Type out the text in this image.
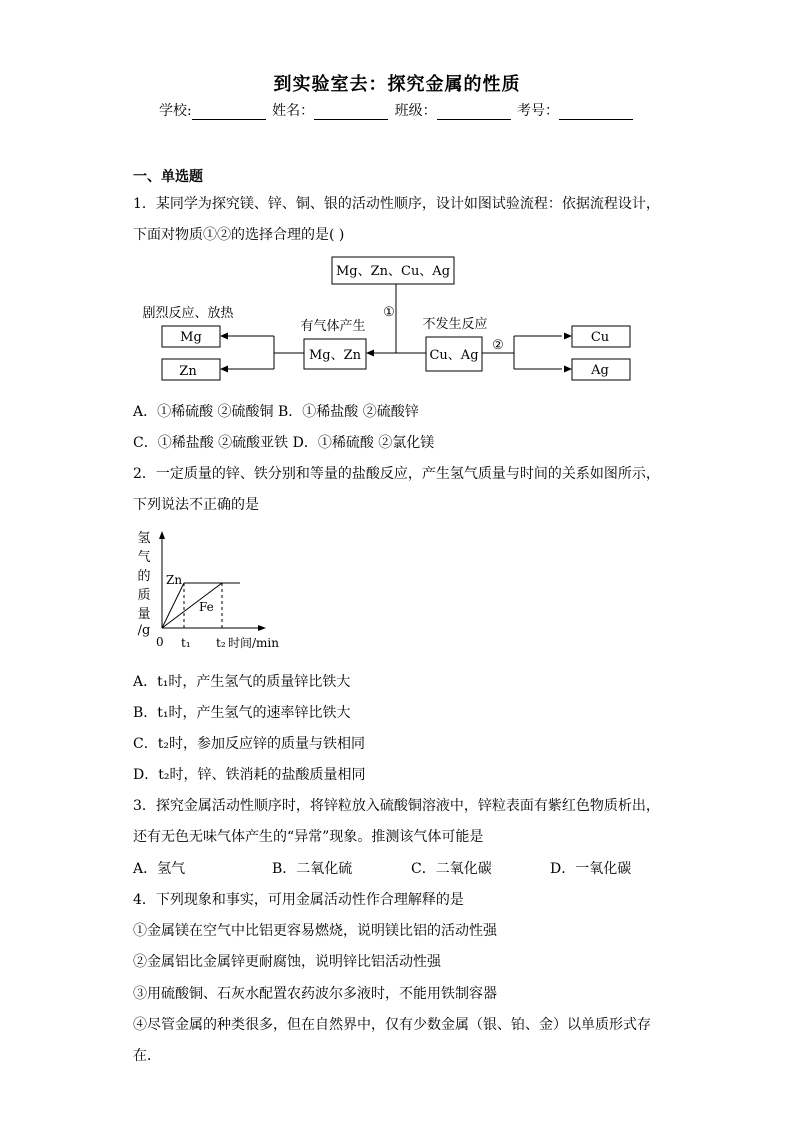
到实验室去：探究金属的性质
学校:	姓名：	班级：	考号：
一、单选题
1．某同学为探究镁、锌、铜、银的活动性顺序，设计如图试验流程：依据流程设计，
下面对物质①②的选择合理的是( )
Mg、Zn、Cu、Ag
①
有气体产生	不发生反应
Mg、Zn	Cu、Ag
②
剧烈反应、放热
Mg
Zn
Cu
Ag
A．①稀硫酸 ②硫酸铜 B．①稀盐酸 ②硫酸锌
C．①稀盐酸 ②硫酸亚铁 D．①稀硫酸 ②氯化镁
2．一定质量的锌、铁分别和等量的盐酸反应，产生氢气质量与时间的关系如图所示，
下列说法不正确的是
氢
气
的
质
量
/g
Zn
Fe
0 t₁ t₂ 时间/min
A．t₁时，产生氢气的质量锌比铁大
B．t₁时，产生氢气的速率锌比铁大
C．t₂时，参加反应锌的质量与铁相同
D．t₂时，锌、铁消耗的盐酸质量相同
3．探究金属活动性顺序时，将锌粒放入硫酸铜溶液中，锌粒表面有紫红色物质析出，
还有无色无味气体产生的“异常”现象。推测该气体可能是
A．氢气	B．二氧化硫	C．二氧化碳	D．一氧化碳
4．下列现象和事实，可用金属活动性作合理解释的是
①金属镁在空气中比铝更容易燃烧，说明镁比铝的活动性强
②金属铝比金属锌更耐腐蚀，说明锌比铝活动性强
③用硫酸铜、石灰水配置农药波尔多液时，不能用铁制容器
④尽管金属的种类很多，但在自然界中，仅有少数金属（银、铂、金）以单质形式存
在．
